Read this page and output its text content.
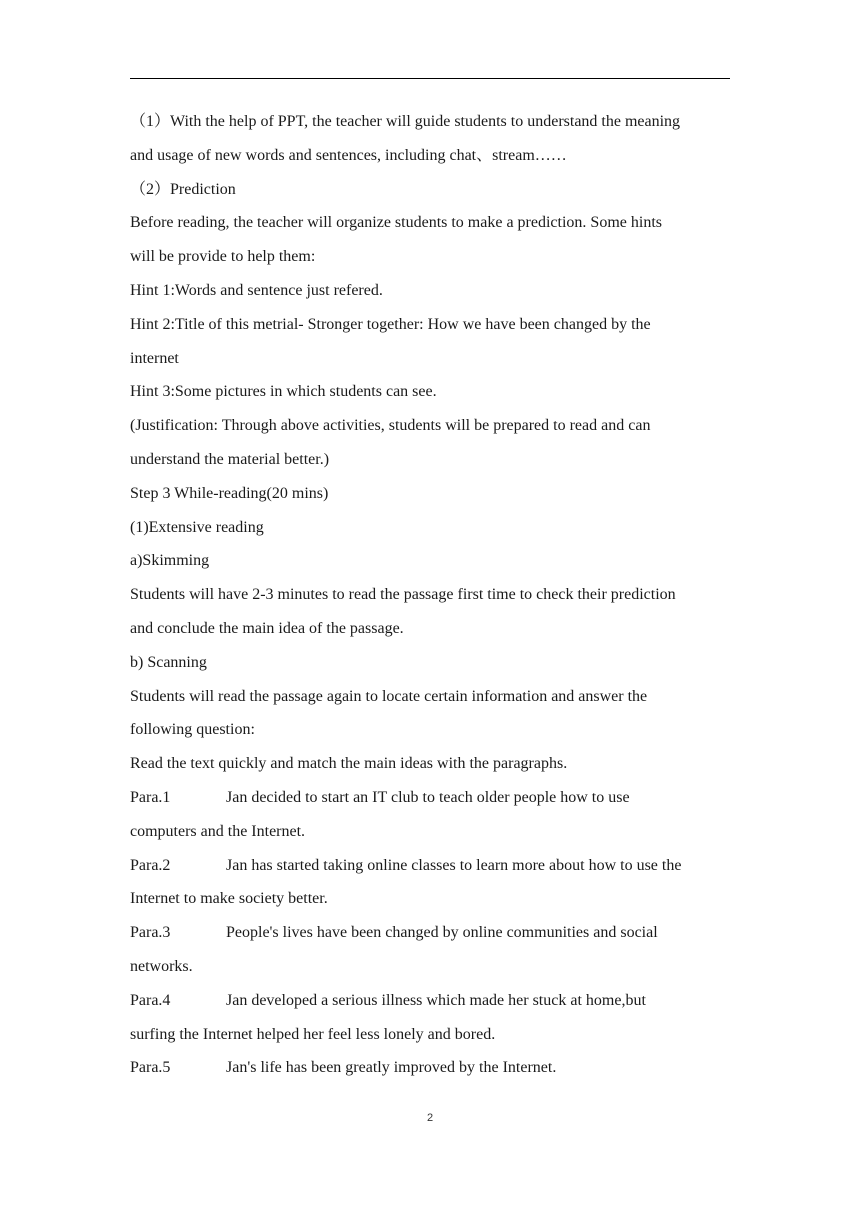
（1）With the help of PPT, the teacher will guide students to understand the meaning

and usage of new words and sentences, including chat、stream……

（2）Prediction

Before reading, the teacher will organize students to make a prediction. Some hints

will be provide to help them:

Hint 1:Words and sentence just refered.

Hint 2:Title of this metrial- Stronger together: How we have been changed by the

internet

Hint 3:Some pictures in which students can see.

(Justification: Through above activities, students will be prepared to read and can

understand the material better.)

Step 3 While-reading(20 mins)

(1)Extensive reading

a)Skimming

Students will have 2-3 minutes to read the passage first time to check their prediction

and conclude the main idea of the passage.

b) Scanning

Students will read the passage again to locate certain information and answer the

following question:

Read the text quickly and match the main ideas with the paragraphs.

Para.1	Jan decided to start an IT club to teach older people how to use

computers and the Internet.

Para.2	Jan has started taking online classes to learn more about how to use the

Internet to make society better.

Para.3	People's lives have been changed by online communities and social

networks.

Para.4	Jan developed a serious illness which made her stuck at home,but

surfing the Internet helped her feel less lonely and bored.

Para.5	Jan's life has been greatly improved by the Internet.
2
